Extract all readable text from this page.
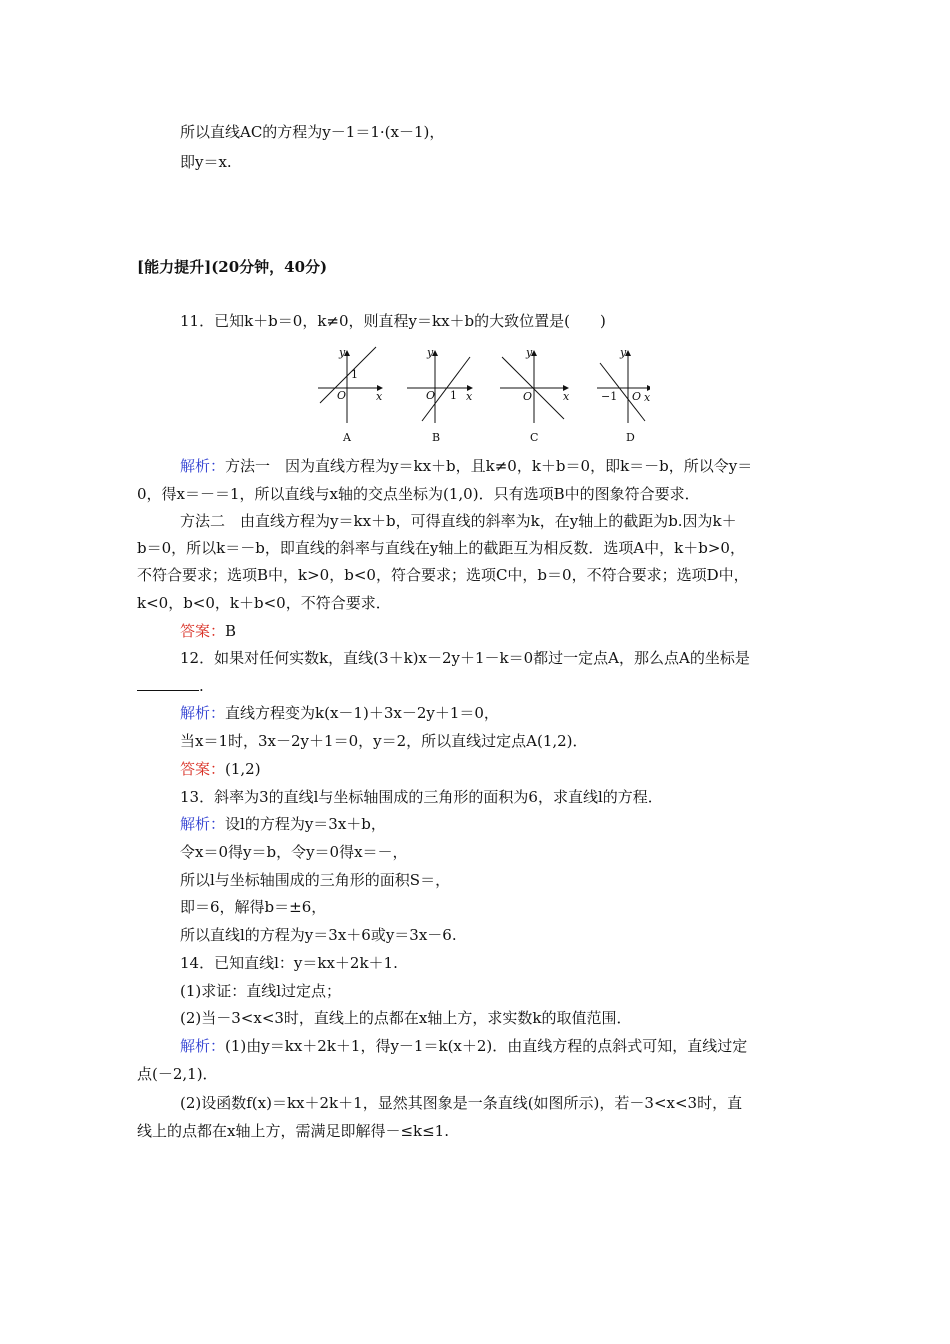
所以直线AC的方程为y－1＝1·(x－1)，
即y＝x.
[能力提升](20分钟，40分)
11．已知k＋b＝0，k≠0，则直程y＝kx＋b的大致位置是(　　)
y
x
O
1
A
y
x
O 1
B
y
x
O
C
y
x
O
−1
D
解析：方法一　因为直线方程为y＝kx＋b，且k≠0，k＋b＝0，即k＝－b，所以令y＝
0，得x＝－＝1，所以直线与x轴的交点坐标为(1,0)．只有选项B中的图象符合要求．
方法二　由直线方程为y＝kx＋b，可得直线的斜率为k，在y轴上的截距为b.因为k＋
b＝0，所以k＝－b，即直线的斜率与直线在y轴上的截距互为相反数．选项A中，k＋b>0，
不符合要求；选项B中，k>0，b<0，符合要求；选项C中，b＝0，不符合要求；选项D中，
k<0，b<0，k＋b<0，不符合要求．
答案：B
12．如果对任何实数k，直线(3＋k)x－2y＋1－k＝0都过一定点A，那么点A的坐标是
.
解析：直线方程变为k(x－1)＋3x－2y＋1＝0，
当x＝1时，3x－2y＋1＝0，y＝2，所以直线过定点A(1,2)．
答案：(1,2)
13．斜率为3的直线l与坐标轴围成的三角形的面积为6，求直线l的方程．
解析：设l的方程为y＝3x＋b，
令x＝0得y＝b，令y＝0得x＝－，
所以l与坐标轴围成的三角形的面积S＝，
即＝6，解得b＝±6，
所以直线l的方程为y＝3x＋6或y＝3x－6.
14．已知直线l：y＝kx＋2k＋1.
(1)求证：直线l过定点；
(2)当－3<x<3时，直线上的点都在x轴上方，求实数k的取值范围．
解析：(1)由y＝kx＋2k＋1，得y－1＝k(x＋2)．由直线方程的点斜式可知，直线过定
点(－2,1)．
(2)设函数f(x)＝kx＋2k＋1，显然其图象是一条直线(如图所示)，若－3<x<3时，直
线上的点都在x轴上方，需满足即解得－≤k≤1.
